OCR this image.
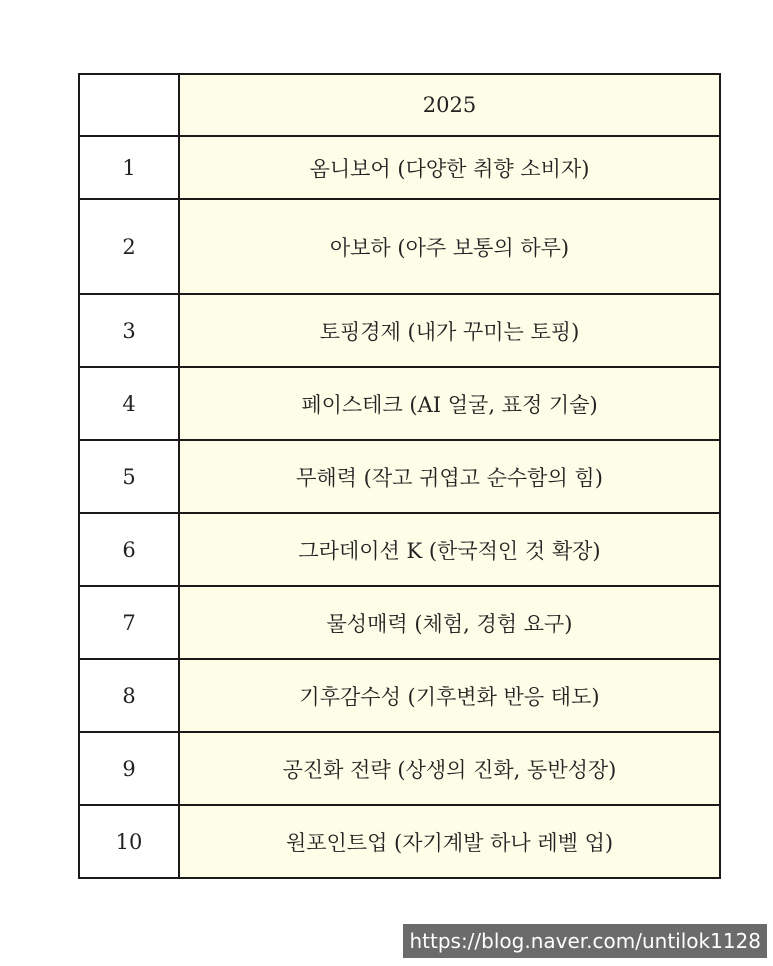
	2025
1	옴니보어 (다양한 취향 소비자)
2	아보하 (아주 보통의 하루)
3	토핑경제 (내가 꾸미는 토핑)
4	페이스테크 (AI 얼굴, 표정 기술)
5	무해력 (작고 귀엽고 순수함의 힘)
6	그라데이션 K (한국적인 것 확장)
7	물성매력 (체험, 경험 요구)
8	기후감수성 (기후변화 반응 태도)
9	공진화 전략 (상생의 진화, 동반성장)
10	원포인트업 (자기계발 하나 레벨 업)
https://blog.naver.com/untilok1128
